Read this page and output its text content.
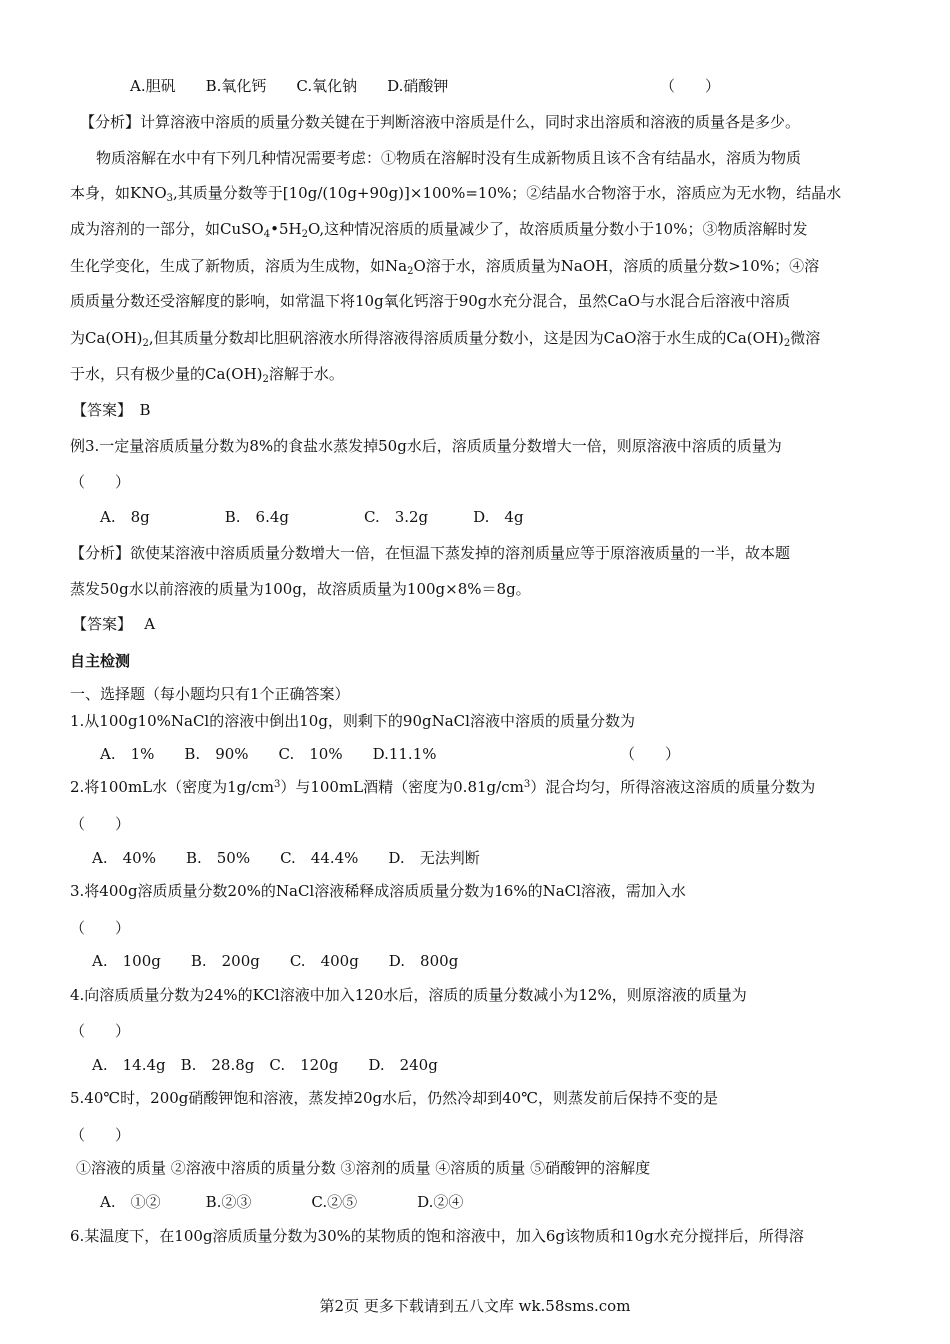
A.胆矾　　B.氧化钙　　C.氧化钠　　D.硝酸钾	（　　）
【分析】计算溶液中溶质的质量分数关键在于判断溶液中溶质是什么，同时求出溶质和溶液的质量各是多少。
物质溶解在水中有下列几种情况需要考虑：①物质在溶解时没有生成新物质且该不含有结晶水，溶质为物质
本身，如$KNO_3$,其质量分数等于[10g/(10g+90g)]×100%=10%；②结晶水合物溶于水，溶质应为无水物，结晶水
成为溶剂的一部分，如$CuSO_4•5H_2O$,这种情况溶质的质量减少了，故溶质质量分数小于10%；③物质溶解时发
生化学变化，生成了新物质，溶质为生成物，如$Na_2O$溶于水，溶质质量为NaOH，溶质的质量分数>10%；④溶
质质量分数还受溶解度的影响，如常温下将10g氧化钙溶于90g水充分混合，虽然CaO与水混合后溶液中溶质
为$Ca(OH)_2$,但其质量分数却比胆矾溶液水所得溶液得溶质质量分数小，这是因为CaO溶于水生成的$Ca(OH)_2$微溶
于水，只有极少量的$Ca(OH)_2$溶解于水。
【答案】　B
例3.一定量溶质质量分数为8%的食盐水蒸发掉50g水后，溶质质量分数增大一倍，则原溶液中溶质的质量为
（　　）
A.　8g　　　　　B.　6.4g　　　　　C.　3.2g　　　D.　4g
【分析】欲使某溶液中溶质质量分数增大一倍，在恒温下蒸发掉的溶剂质量应等于原溶液质量的一半，故本题
蒸发50g水以前溶液的质量为100g，故溶质质量为100g×8%＝8g。
【答案】　 A
自主检测
一、选择题（每小题均只有1个正确答案）
1.从100g10%NaCl的溶液中倒出10g，则剩下的90gNaCl溶液中溶质的质量分数为
A.　1%　　B.　90%　　C.　10%　　D.11.1%	（　　）
2.将100mL水（密度为$1g/cm^3$）与100mL酒精（密度为$0.81g/cm^3$）混合均匀，所得溶液这溶质的质量分数为
（　　）
A.　40%　　B.　50%　　C.　44.4%　　D.　无法判断
3.将400g溶质质量分数20%的NaCl溶液稀释成溶质质量分数为16%的NaCl溶液，需加入水
（　　）
A.　100g　　B.　200g　　C.　400g　　D.　800g
4.向溶质质量分数为24%的KCl溶液中加入120水后，溶质的质量分数减小为12%，则原溶液的质量为
（　　）
A.　14.4g　B.　28.8g　C.　120g　　D.　240g
5.40℃时，200g硝酸钾饱和溶液，蒸发掉20g水后，仍然冷却到40℃，则蒸发前后保持不变的是
（　　）
①溶液的质量 ②溶液中溶质的质量分数 ③溶剂的质量 ④溶质的质量 ⑤硝酸钾的溶解度
A.　①②　　　B.②③　　　　C.②⑤　　　　D.②④
6.某温度下，在100g溶质质量分数为30%的某物质的饱和溶液中，加入6g该物质和10g水充分搅拌后，所得溶
第2页 更多下载请到五八文库 wk.58sms.com
